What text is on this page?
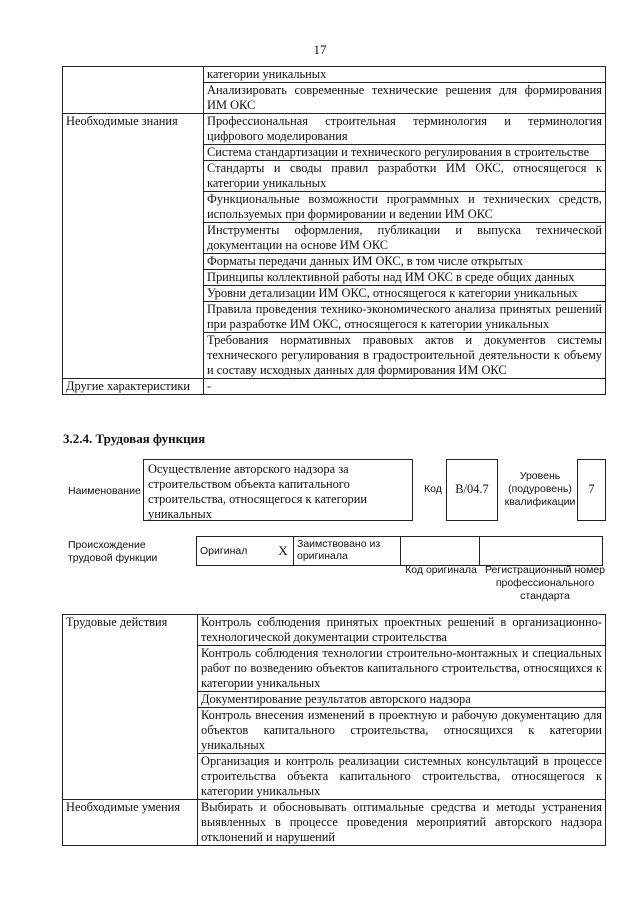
17
	категории уникальных
	Анализировать современные технические решения для формирования ИМ ОКС
Необходимые знания	Профессиональная строительная терминология и терминология цифрового моделирования
	Система стандартизации и технического регулирования в строительстве
	Стандарты и своды правил разработки ИМ ОКС, относящегося к категории уникальных
	Функциональные возможности программных и технических средств, используемых при формировании и ведении ИМ ОКС
	Инструменты оформления, публикации и выпуска технической документации на основе ИМ ОКС
	Форматы передачи данных ИМ ОКС, в том числе открытых
	Принципы коллективной работы над ИМ ОКС в среде общих данных
	Уровни детализации ИМ ОКС, относящегося к категории уникальных
	Правила проведения технико-экономического анализа принятых решений при разработке ИМ ОКС, относящегося к категории уникальных
	Требования нормативных правовых актов и документов системы технического регулирования в градостроительной деятельности к объему и составу исходных данных для формирования ИМ ОКС
Другие характеристики	-
3.2.4. Трудовая функция
Наименование
Осуществление авторского надзора за строительством объекта капитального строительства, относящегося к категории уникальных
Код	B/04.7
Уровень (подуровень) квалификации
7
Происхождение трудовой функции
Оригинал	X	Заимствовано из оригинала		
Код оригинала Регистрационный номер профессионального стандарта
Трудовые действия	Контроль соблюдения принятых проектных решений в организационно-технологической документации строительства
	Контроль соблюдения технологии строительно-монтажных и специальных работ по возведению объектов капитального строительства, относящихся к категории уникальных
	Документирование результатов авторского надзора
	Контроль внесения изменений в проектную и рабочую документацию для объектов капитального строительства, относящихся к категории уникальных
	Организация и контроль реализации системных консультаций в процессе строительства объекта капитального строительства, относящегося к категории уникальных
Необходимые умения	Выбирать и обосновывать оптимальные средства и методы устранения выявленных в процессе проведения мероприятий авторского надзора отклонений и нарушений
